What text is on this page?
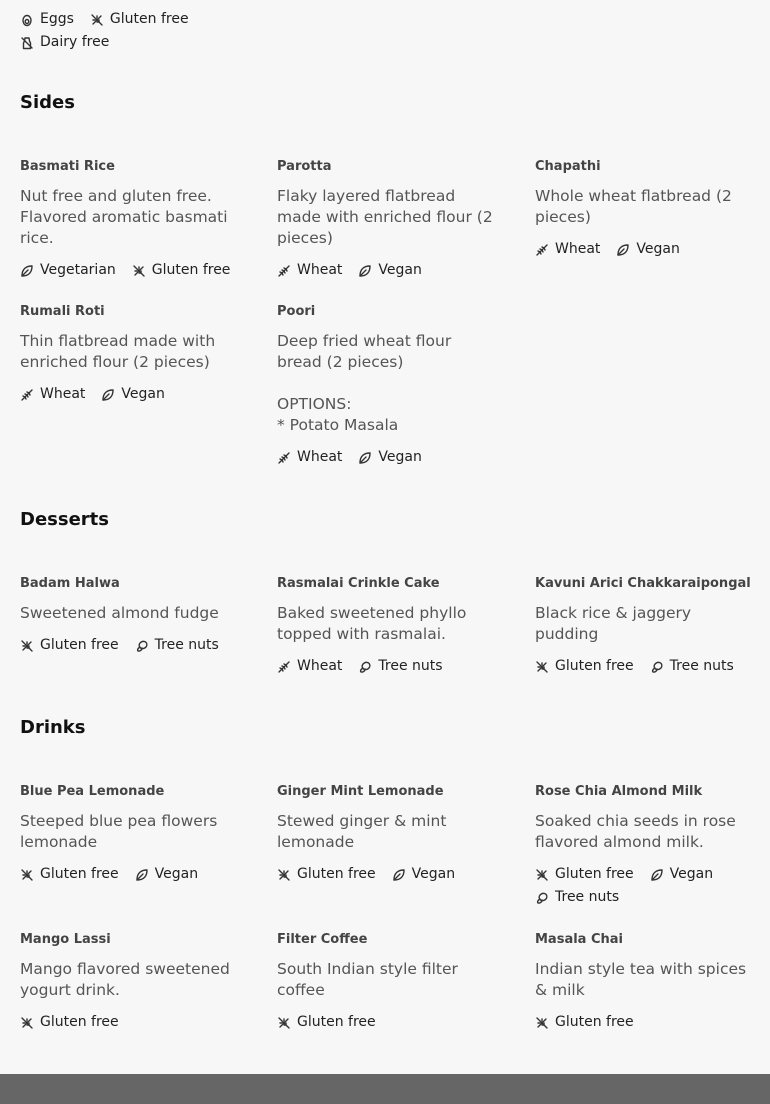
Eggs	Gluten free
Dairy free
Sides
Desserts
Drinks
Basmati Rice
Nut free and gluten free. Flavored aromatic basmati rice.
Vegetarian	Gluten free
Parotta
Flaky layered flatbread made with enriched flour (2 pieces)
Wheat	Vegan
Chapathi
Whole wheat flatbread (2 pieces)
Wheat	Vegan
Rumali Roti
Thin flatbread made with enriched flour (2 pieces)
Wheat	Vegan
Poori
Deep fried wheat flour bread (2 pieces)

OPTIONS:
* Potato Masala
Wheat	Vegan
Badam Halwa
Sweetened almond fudge
Gluten free	Tree nuts
Rasmalai Crinkle Cake
Baked sweetened phyllo topped with rasmalai.
Wheat	Tree nuts
Kavuni Arici Chakkaraipongal
Black rice & jaggery pudding
Gluten free	Tree nuts
Blue Pea Lemonade
Steeped blue pea flowers lemonade
Gluten free	Vegan
Ginger Mint Lemonade
Stewed ginger & mint lemonade
Gluten free	Vegan
Rose Chia Almond Milk
Soaked chia seeds in rose flavored almond milk.
Gluten free	Vegan
Tree nuts
Mango Lassi
Mango flavored sweetened yogurt drink.
Gluten free
Filter Coffee
South Indian style filter coffee
Gluten free
Masala Chai
Indian style tea with spices & milk
Gluten free
